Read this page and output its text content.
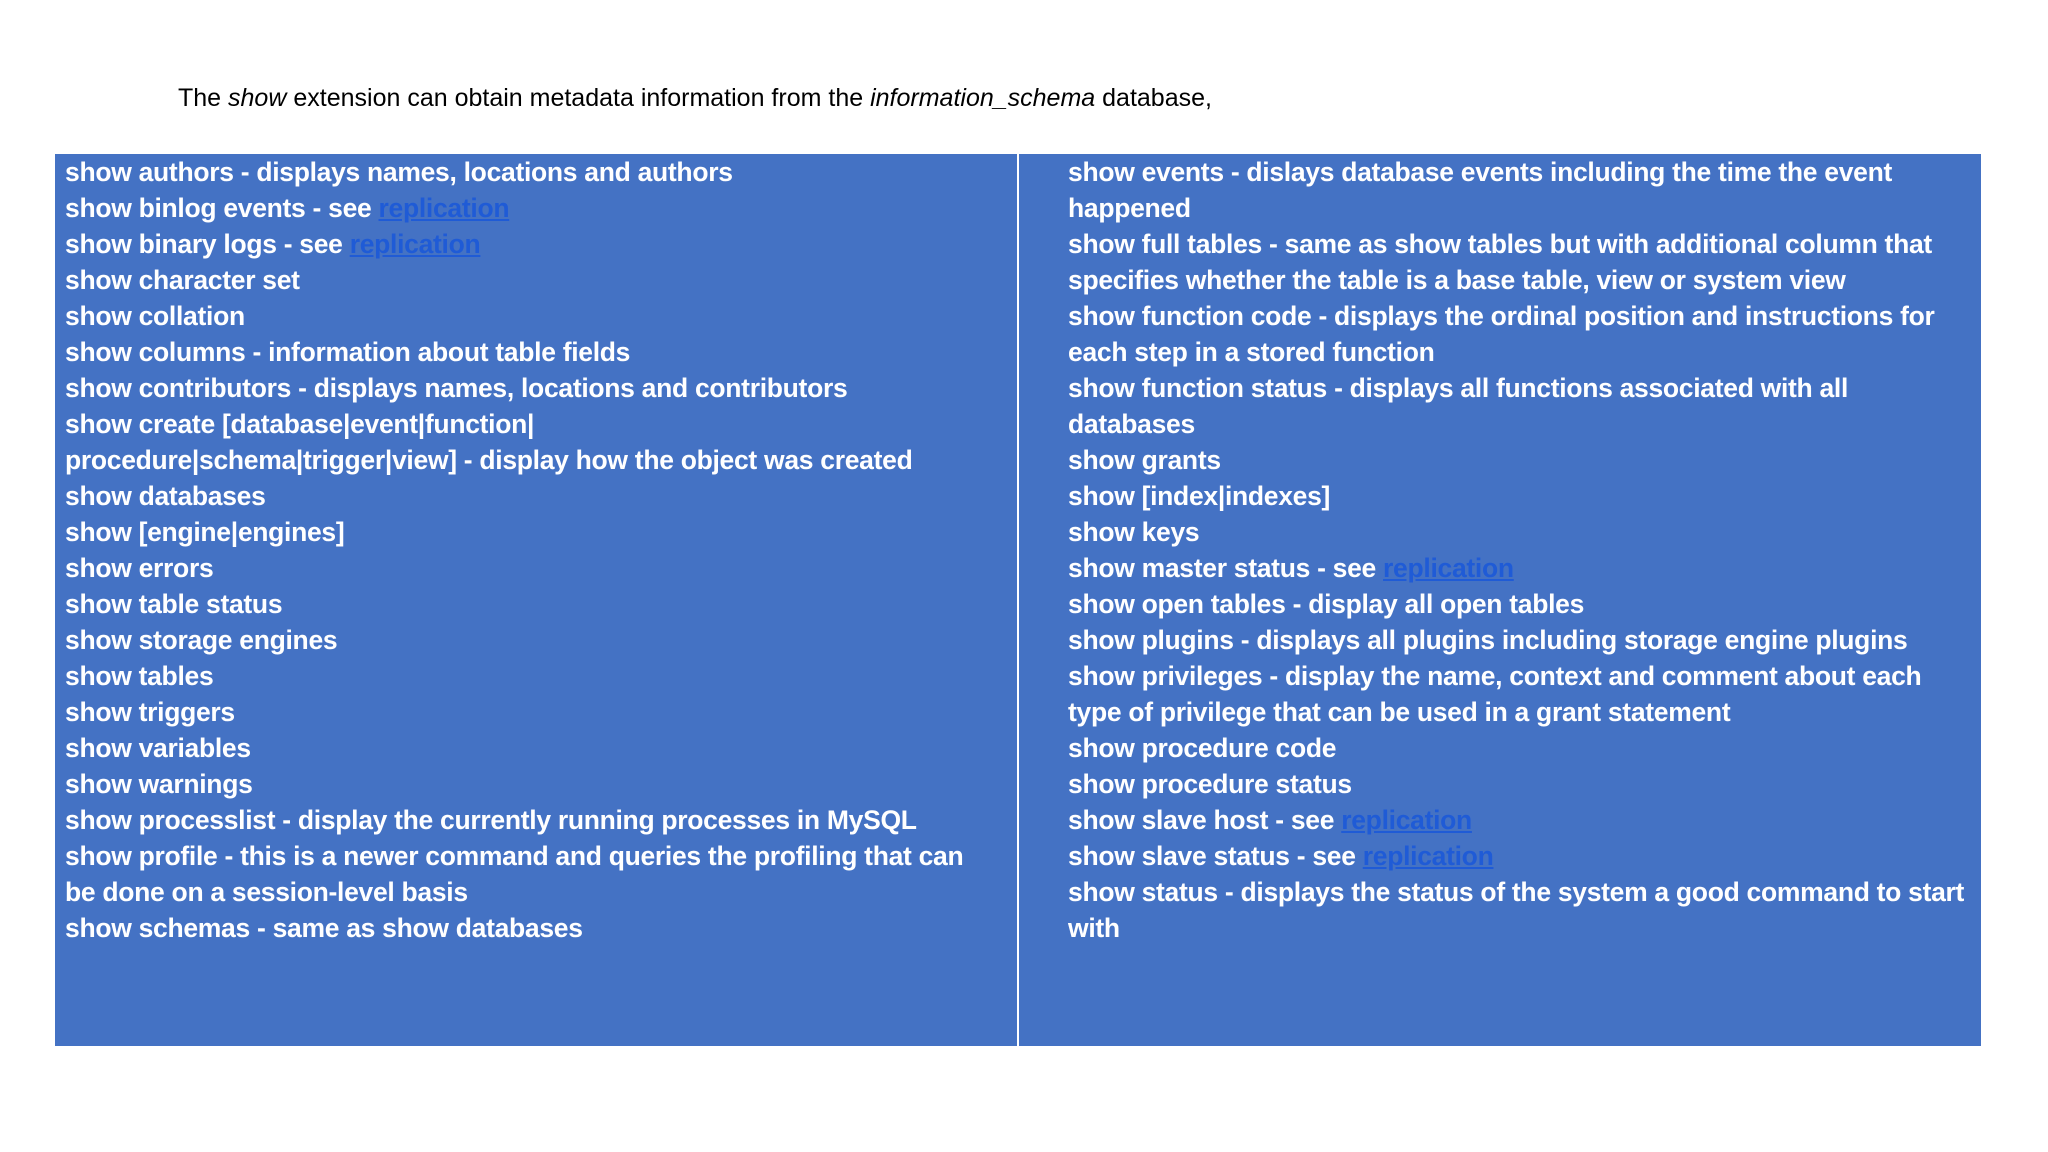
The show extension can obtain metadata information from the information_schema database,
show authors - displays names, locations and authors
show binlog events - see replication
show binary logs - see replication
show character set
show collation
show columns - information about table fields
show contributors - displays names, locations and contributors
show create [database|event|function|
procedure|schema|trigger|view] - display how the object was created
show databases
show [engine|engines]
show errors
show table status
show storage engines
show tables
show triggers
show variables
show warnings
show processlist - display the currently running processes in MySQL
show profile - this is a newer command and queries the profiling that can
be done on a session-level basis
show schemas - same as show databases
show events - dislays database events including the time the event
happened
show full tables - same as show tables but with additional column that
specifies whether the table is a base table, view or system view
show function code - displays the ordinal position and instructions for
each step in a stored function
show function status - displays all functions associated with all
databases
show grants
show [index|indexes]
show keys
show master status - see replication
show open tables - display all open tables
show plugins - displays all plugins including storage engine plugins
show privileges - display the name, context and comment about each
type of privilege that can be used in a grant statement
show procedure code
show procedure status
show slave host - see replication
show slave status - see replication
show status - displays the status of the system a good command to start
with
